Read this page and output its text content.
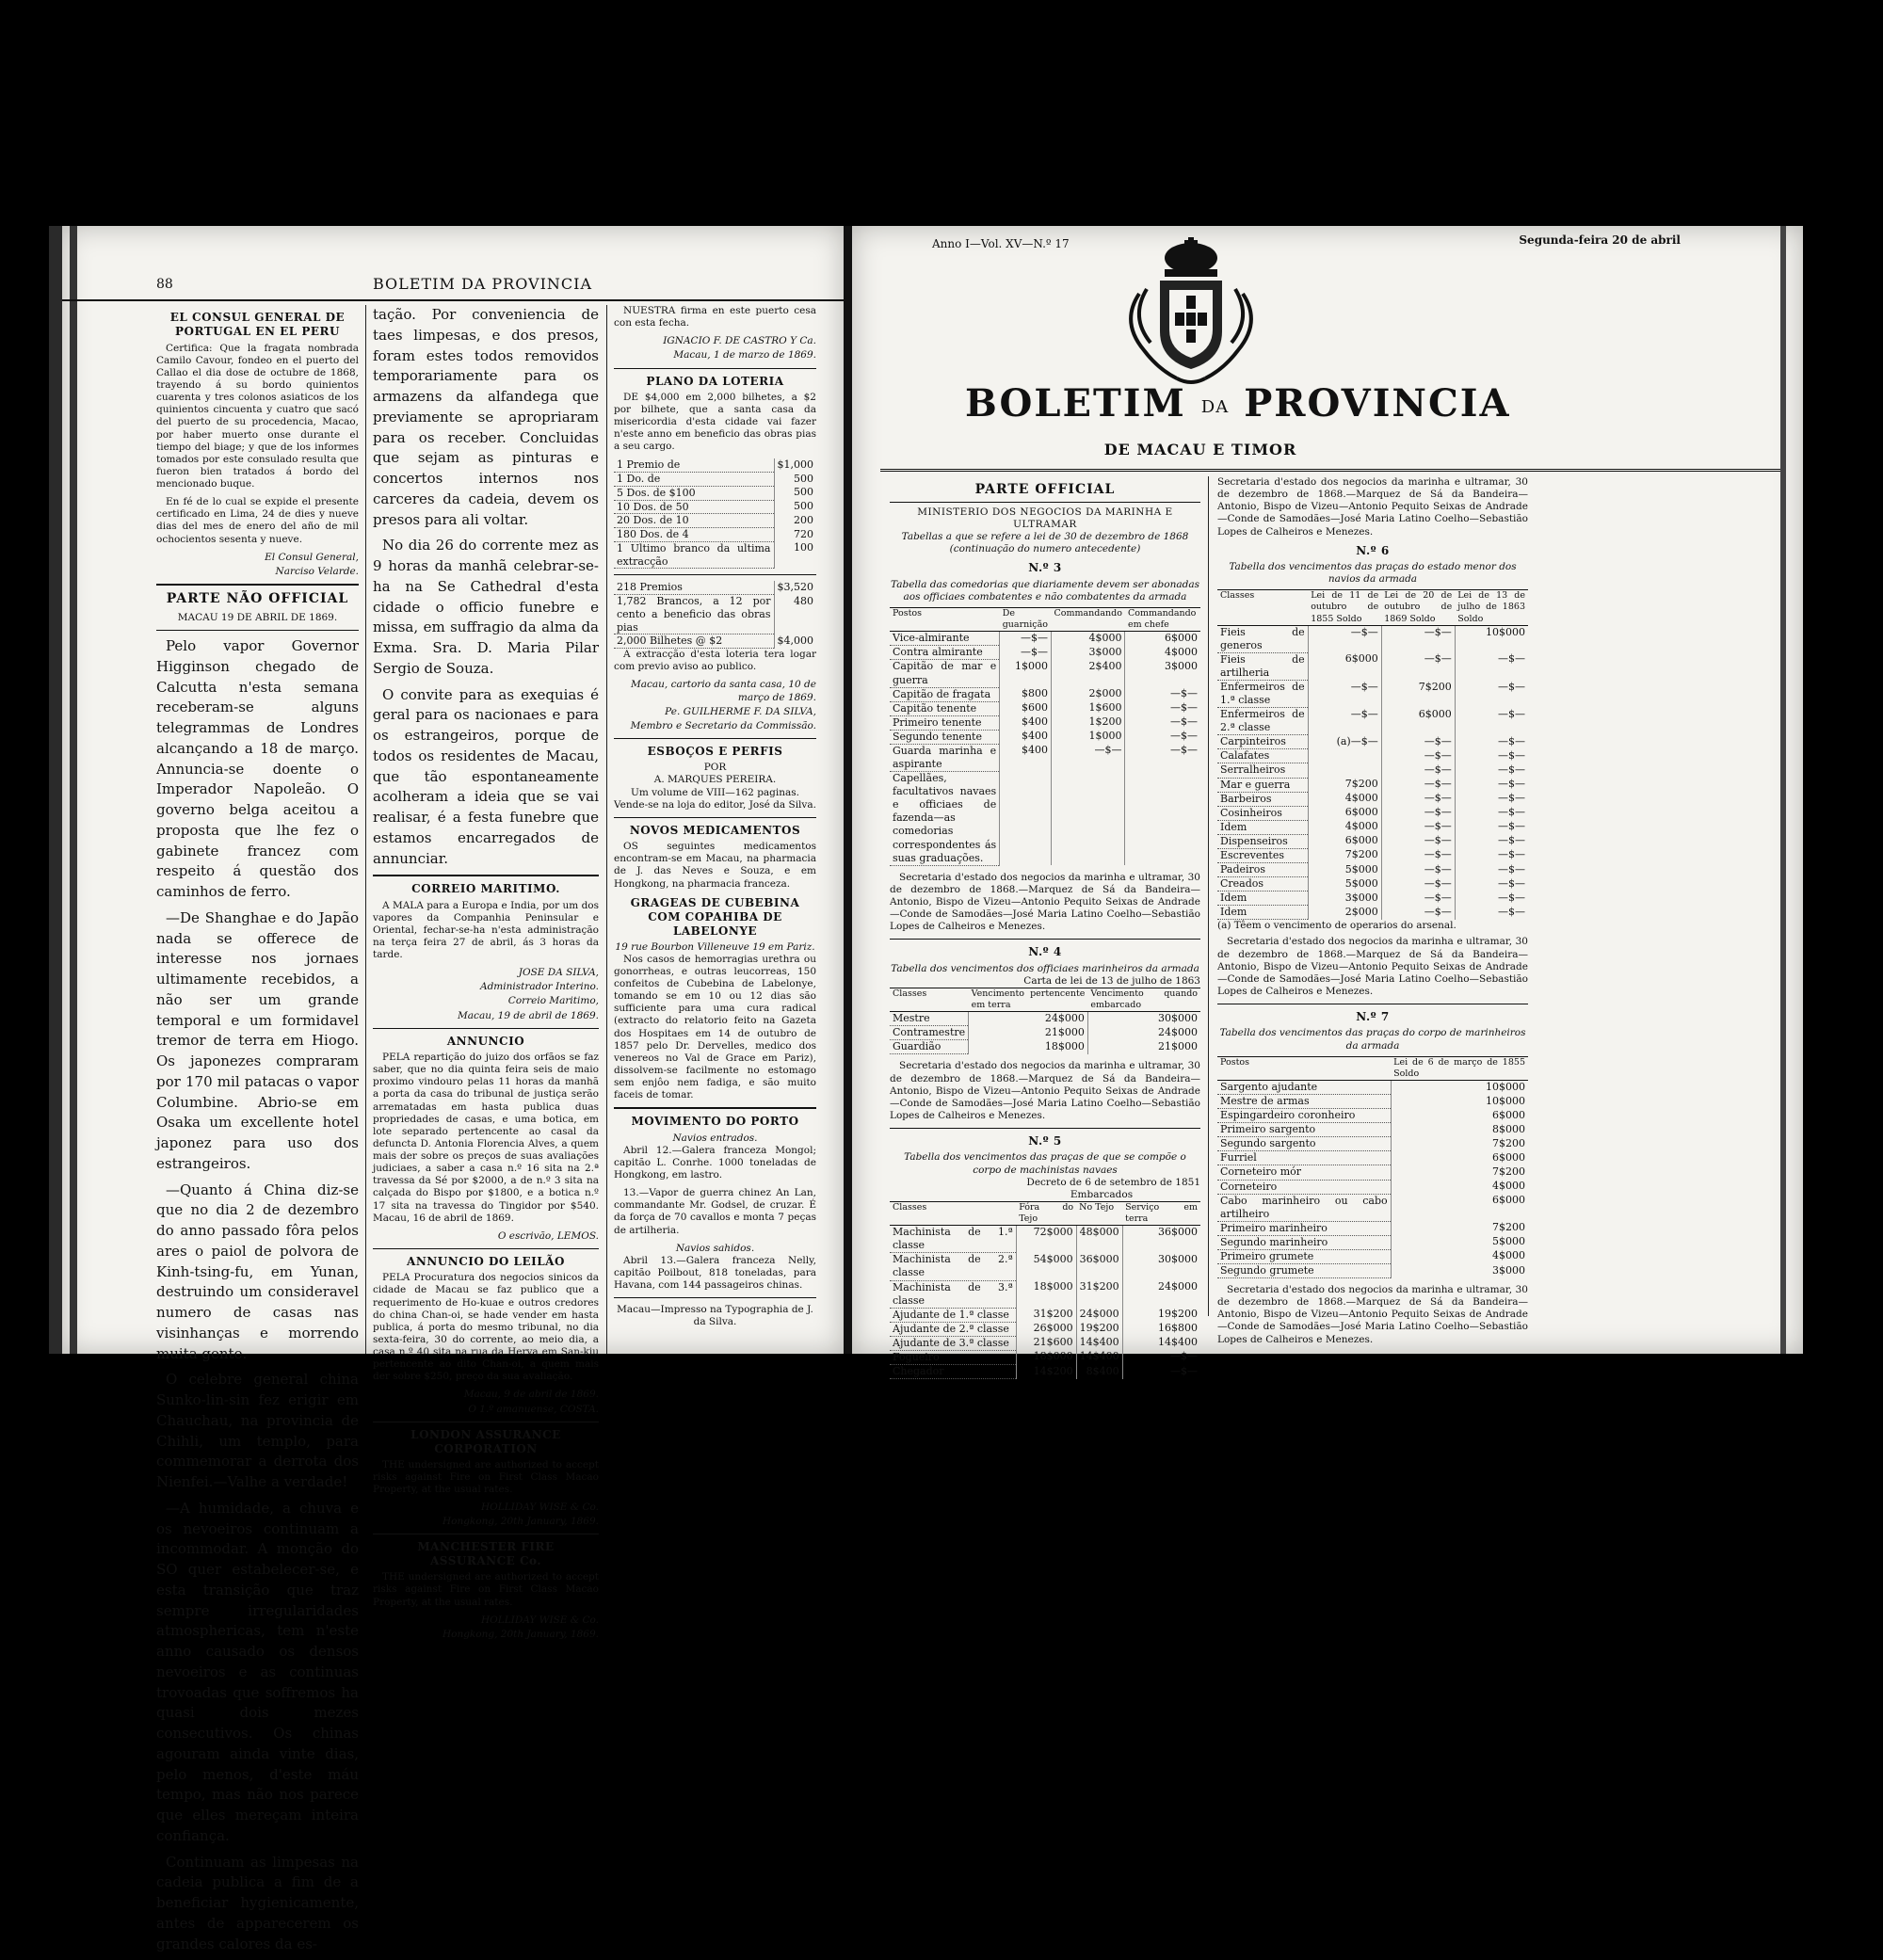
88	BOLETIM DA PROVINCIA
EL CONSUL GENERAL DE PORTUGAL EN EL PERU

Certifica: Que la fragata nombrada Camilo Cavour, fondeo en el puerto del Callao el dia dose de octubre de 1868, trayendo á su bordo quinientos cuarenta y tres colonos asiaticos de los quinientos cincuenta y cuatro que sacó del puerto de su procedencia, Macao, por haber muerto onse durante el tiempo del biage; y que de los informes tomados por este consulado resulta que fueron bien tratados á bordo del mencionado buque.

En fé de lo cual se expide el presente certificado en Lima, 24 de dies y nueve dias del mes de enero del año de mil ochocientos sesenta y nueve.

El Consul General,
Narciso Velarde.
PARTE NÃO OFFICIAL
MACAU 19 DE ABRIL DE 1869.

Pelo vapor Governor Higginson chegado de Calcutta n'esta semana receberam-se alguns telegrammas de Londres alcançando a 18 de março. Annuncia-se doente o Imperador Napoleão. O governo belga aceitou a proposta que lhe fez o gabinete francez com respeito á questão dos caminhos de ferro.

—De Shanghae e do Japão nada se offerece de interesse nos jornaes ultimamente recebidos, a não ser um grande temporal e um formidavel tremor de terra em Hiogo. Os japonezes compraram por 170 mil patacas o vapor Columbine. Abrio-se em Osaka um excellente hotel japonez para uso dos estrangeiros.

—Quanto á China diz-se que no dia 2 de dezembro do anno passado fôra pelos ares o paiol de polvora de Kinh-tsing-fu, em Yunan, destruindo um consideravel numero de casas nas visinhanças e morrendo muita gente.

O celebre general china Sunko-lin-sin fez erigir em Chauchau, na provincia de Chihli, um templo, para commemorar a derrota dos Nienfei.—Valhe a verdade!

—A humidade, a chuva e os nevoeiros continuam a incommodar. A monção do SO quer estabelecer-se, e esta transição que traz sempre irregularidades atmosphericas, tem n'este anno causado os densos nevoeiros e as continuas trovoadas que soffremos ha quasi dois mezes consecutivos. Os chinas agouram ainda vinte dias, pelo menos, d'este máu tempo, mas não nos parece que elles mereçam inteira confiança.

Continuam as limpesas na cadeia publica a fim de a beneficiar hygienicamente, antes de apparecerem os grandes calores da es-

tação. Por conveniencia de taes limpesas, e dos presos, foram estes todos removidos temporariamente para os armazens da alfandega que previamente se apropriaram para os receber. Concluidas que sejam as pinturas e concertos internos nos carceres da cadeia, devem os presos para ali voltar.

No dia 26 do corrente mez as 9 horas da manhã celebrar-se-ha na Se Cathedral d'esta cidade o officio funebre e missa, em suffragio da alma da Exma. Sra. D. Maria Pilar Sergio de Souza.

O convite para as exequias é geral para os nacionaes e para os estrangeiros, porque de todos os residentes de Macau, que tão espontaneamente acolheram a ideia que se vai realisar, é a festa funebre que estamos encarregados de annunciar.

CORREIO MARITIMO.

A MALA para a Europa e India, por um dos vapores da Companhia Peninsular e Oriental, fechar-se-ha n'esta administração na terça feira 27 de abril, ás 3 horas da tarde.

JOSE DA SILVA,
Administrador Interino.
Correio Maritimo,
Macau, 19 de abril de 1869.
ANNUNCIO

PELA repartição do juizo dos orfãos se faz saber, que no dia quinta feira seis de maio proximo vindouro pelas 11 horas da manhã a porta da casa do tribunal de justiça serão arrematadas em hasta publica duas propriedades de casas, e uma botica, em lote separado pertencente ao casal da defuncta D. Antonia Florencia Alves, a quem mais der sobre os preços de suas avaliações judiciaes, a saber a casa n.º 16 sita na 2.ª travessa da Sé por $2000, a de n.º 3 sita na calçada do Bispo por $1800, e a botica n.º 17 sita na travessa do Tingidor por $540. Macau, 16 de abril de 1869.

O escrivão, LEMOS.
ANNUNCIO DO LEILÃO

PELA Procuratura dos negocios sinicos da cidade de Macau se faz publico que a requerimento de Ho-kuae e outros credores do china Chan-oi, se hade vender em hasta publica, á porta do mesmo tribunal, no dia sexta-feira, 30 do corrente, ao meio dia, a casa n.º 40 sita na rua da Herva em San-kiu pertencente ao dito Chan-oi, a quem mais der sobre $250, preço da sua avaliação.

Macau, 9 de abril de 1869.
O 1.º amanuense, COSTA.
LONDON ASSURANCE CORPORATION

THE undersigned are authorized to accept risks against Fire on First Class Macao Property, at the usual rates.

HOLLIDAY WISE & Co.
Hongkong, 20th January, 1869.
MANCHESTER FIRE ASSURANCE Co.

THE undersigned are authorized to accept risks against Fire on First Class Macao Property, at the usual rates.

HOLLIDAY WISE & Co.
Hongkong, 20th January, 1869.

NUESTRA firma en este puerto cesa con esta fecha.

IGNACIO F. DE CASTRO Y Ca.
Macau, 1 de marzo de 1869.
PLANO DA LOTERIA

DE $4,000 em 2,000 bilhetes, a $2 por bilhete, que a santa casa da misericordia d'esta cidade vai fazer n'este anno em beneficio das obras pias a seu cargo.

1 Premio de	$1,000
1 Do. de	500
5 Dos. de $100	500
10 Dos. de 50	500
20 Dos. de 10	200
180 Dos. de 4	720
1 Ultimo branco da ultima extracção	100
218 Premios	$3,520
1,782 Brancos, a 12 por cento a beneficio das obras pias	480
2,000 Bilhetes @ $2	$4,000

A extracção d'esta loteria tera logar com previo aviso ao publico.

Macau, cartorio da santa casa, 10 de março de 1869.
Pe. GUILHERME F. DA SILVA,
Membro e Secretario da Commissão.
ESBOÇOS E PERFIS
POR
A. MARQUES PEREIRA.
Um volume de VIII—162 paginas.
Vende-se na loja do editor, José da Silva.
NOVOS MEDICAMENTOS

OS seguintes medicamentos encontram-se em Macau, na pharmacia de J. das Neves e Souza, e em Hongkong, na pharmacia franceza.

GRAGEAS DE CUBEBINA COM COPAHIBA DE LABELONYE
19 rue Bourbon Villeneuve 19 em Pariz.

Nos casos de hemorragias urethra ou gonorrheas, e outras leucorreas, 150 confeitos de Cubebina de Labelonye, tomando se em 10 ou 12 dias são sufficiente para uma cura radical (extracto do relatorio feito na Gazeta dos Hospitaes em 14 de outubro de 1857 pelo Dr. Dervelles, medico dos venereos no Val de Grace em Pariz), dissolvem-se facilmente no estomago sem enjôo nem fadiga, e são muito faceis de tomar.

MOVIMENTO DO PORTO
Navios entrados.

Abril 12.—Galera franceza Mongol; capitão L. Conrhe. 1000 toneladas de Hongkong, em lastro.

13.—Vapor de guerra chinez An Lan, commandante Mr. Godsel, de cruzar. É da força de 70 cavallos e monta 7 peças de artilheria.

Navios sahidos.

Abril 13.—Galera franceza Nelly, capitão Poilbout, 818 toneladas, para Havana, com 144 passageiros chinas.

Macau—Impresso na Typographia de J. da Silva.
Anno I—Vol. XV—N.º 17	Segunda-feira 20 de abril
BOLETIM DA PROVINCIA
DE MACAU E TIMOR
PARTE OFFICIAL
MINISTERIO DOS NEGOCIOS DA MARINHA E ULTRAMAR
Tabellas a que se refere a lei de 30 de dezembro de 1868
(continuação do numero antecedente)
N.º 3
Tabella das comedorias que diariamente devem ser abonadas aos officiaes combatentes e não combatentes da armada
Postos	De guarnição	Commandando	Commandando em chefe
Vice-almirante	—$—	4$000	6$000
Contra almirante	—$—	3$000	4$000
Capitão de mar e guerra	1$000	2$400	3$000
Capitão de fragata	$800	2$000	—$—
Capitão tenente	$600	1$600	—$—
Primeiro tenente	$400	1$200	—$—
Segundo tenente	$400	1$000	—$—
Guarda marinha e aspirante	$400	—$—	—$—
Capellães, facultativos navaes e officiaes de fazenda—as comedorias correspondentes ás suas graduações.			

Secretaria d'estado dos negocios da marinha e ultramar, 30 de dezembro de 1868.—Marquez de Sá da Bandeira—Antonio, Bispo de Vizeu—Antonio Pequito Seixas de Andrade—Conde de Samodães—José Maria Latino Coelho—Sebastião Lopes de Calheiros e Menezes.

N.º 4
Tabella dos vencimentos dos officiaes marinheiros da armada
Carta de lei de 13 de julho de 1863
Classes	Vencimento pertencente em terra	Vencimento quando embarcado
Mestre	24$000	30$000
Contramestre	21$000	24$000
Guardião	18$000	21$000

Secretaria d'estado dos negocios da marinha e ultramar, 30 de dezembro de 1868.—Marquez de Sá da Bandeira—Antonio, Bispo de Vizeu—Antonio Pequito Seixas de Andrade—Conde de Samodães—José Maria Latino Coelho—Sebastião Lopes de Calheiros e Menezes.

N.º 5
Tabella dos vencimentos das praças de que se compõe o corpo de machinistas navaes
Decreto de 6 de setembro de 1851
Embarcados
Classes	Fóra do Tejo	No Tejo	Serviço em terra
Machinista de 1.ª classe	72$000	48$000	36$000
Machinista de 2.ª classe	54$000	36$000	30$000
Machinista de 3.ª classe	18$000	31$200	24$000
Ajudante de 1.ª classe	31$200	24$000	19$200
Ajudante de 2.ª classe	26$000	19$200	16$800
Ajudante de 3.ª classe	21$600	14$400	14$400
Fogueiro	18$000	14$400	—$—
Chegador	14$200	8$400	—$—

Secretaria d'estado dos negocios da marinha e ultramar, 30 de dezembro de 1868.—Marquez de Sá da Bandeira—Antonio, Bispo de Vizeu—Antonio Pequito Seixas de Andrade—Conde de Samodães—José Maria Latino Coelho—Sebastião Lopes de Calheiros e Menezes.

N.º 6
Tabella dos vencimentos das praças do estado menor dos navios da armada
Classes	Lei de 11 de outubro de 1855 Soldo	Lei de 20 de outubro de 1869 Soldo	Lei de 13 de julho de 1863 Soldo
Fieis de generos	—$—	—$—	10$000
Fieis de artilheria	6$000	—$—	—$—
Enfermeiros de 1.ª classe	—$—	7$200	—$—
Enfermeiros de 2.ª classe	—$—	6$000	—$—
Carpinteiros	(a)—$—	—$—	—$—
Calafates		—$—	—$—
Serralheiros		—$—	—$—
Mar e guerra	7$200	—$—	—$—
Barbeiros	4$000	—$—	—$—
Cosinheiros	6$000	—$—	—$—
Idem	4$000	—$—	—$—
Dispenseiros	6$000	—$—	—$—
Escreventes	7$200	—$—	—$—
Padeiros	5$000	—$—	—$—
Creados	5$000	—$—	—$—
Idem	3$000	—$—	—$—
Idem	2$000	—$—	—$—
(a) Têem o vencimento de operarios do arsenal.

Secretaria d'estado dos negocios da marinha e ultramar, 30 de dezembro de 1868.—Marquez de Sá da Bandeira—Antonio, Bispo de Vizeu—Antonio Pequito Seixas de Andrade—Conde de Samodães—José Maria Latino Coelho—Sebastião Lopes de Calheiros e Menezes.

N.º 7
Tabella dos vencimentos das praças do corpo de marinheiros da armada
Postos	Lei de 6 de março de 1855 Soldo
Sargento ajudante	10$000
Mestre de armas	10$000
Espingardeiro coronheiro	6$000
Primeiro sargento	8$000
Segundo sargento	7$200
Furriel	6$000
Corneteiro mór	7$200
Corneteiro	4$000
Cabo marinheiro ou cabo artilheiro	6$000
Primeiro marinheiro	7$200
Segundo marinheiro	5$000
Primeiro grumete	4$000
Segundo grumete	3$000

Secretaria d'estado dos negocios da marinha e ultramar, 30 de dezembro de 1868.—Marquez de Sá da Bandeira—Antonio, Bispo de Vizeu—Antonio Pequito Seixas de Andrade—Conde de Samodães—José Maria Latino Coelho—Sebastião Lopes de Calheiros e Menezes.
